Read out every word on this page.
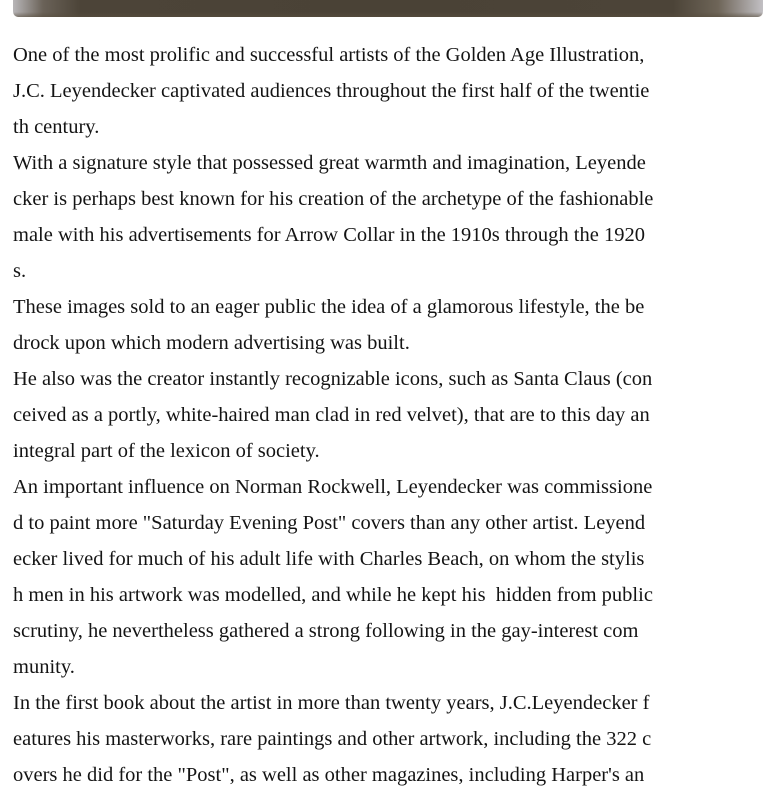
One of the most prolific and successful artists of the Golden Age Illustration,
J.C. Leyendecker captivated audiences throughout the first half of the twentie
th century.
With a signature style that possessed great warmth and imagination, Leyende
cker is perhaps best known for his creation of the archetype of the fashionable
male with his advertisements for Arrow Collar in the 1910s through the 1920
s.
These images sold to an eager public the idea of a glamorous lifestyle, the be
drock upon which modern advertising was built.
He also was the creator instantly recognizable icons, such as Santa Claus (con
ceived as a portly, white-haired man clad in red velvet), that are to this day an
integral part of the lexicon of society.
An important influence on Norman Rockwell, Leyendecker was commissione
d to paint more "Saturday Evening Post" covers than any other artist. Leyend
ecker lived for much of his adult life with Charles Beach, on whom the stylis
h men in his artwork was modelled, and while he kept his  hidden from public
scrutiny, he nevertheless gathered a strong following in the gay-interest com
munity.
In the first book about the artist in more than twenty years, J.C.Leyendecker f
eatures his masterworks, rare paintings and other artwork, including the 322 c
overs he did for the "Post", as well as other magazines, including Harper's an
